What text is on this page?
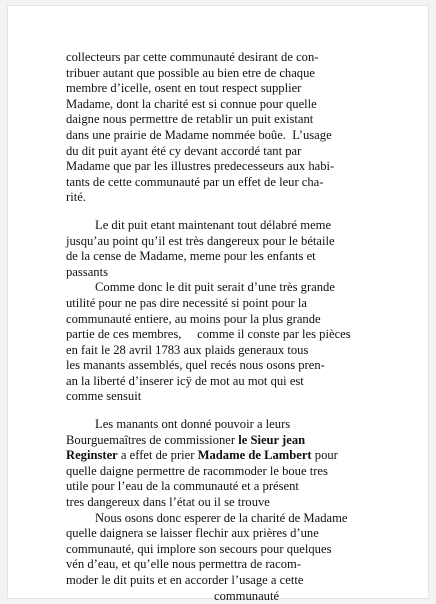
collecteurs par cette communauté desirant de con-
tribuer autant que possible au bien etre de chaque
membre d’icelle, osent en tout respect supplier
Madame, dont la charité est si connue pour quelle
daigne nous permettre de retablir un puit existant
dans une prairie de Madame nommée boûe.  L’usage
du dit puit ayant été cy devant accordé tant par
Madame que par les illustres predecesseurs aux habi-
tants de cette communauté par un effet de leur cha-
rité.
Le dit puit etant maintenant tout délabré meme
jusqu’au point qu’il est très dangereux pour le bétaile
de la cense de Madame, meme pour les enfants et
passants
Comme donc le dit puit serait d’une très grande
utilité pour ne pas dire necessité si point pour la
communauté entiere, au moins pour la plus grande
partie de ces membres,     comme il conste par les pièces
en fait le 28 avril 1783 aux plaids generaux tous
les manants assemblés, quel recés nous osons pren-
an la liberté d’inserer icÿ de mot au mot qui est
comme sensuit
Les manants ont donné pouvoir a leurs
Bourguemaîtres de commissioner le Sieur jean
Reginster a effet de prier Madame de Lambert pour
quelle daigne permettre de racommoder le boue tres
utile pour l’eau de la communauté et a présent
tres dangereux dans l’état ou il se trouve
Nous osons donc esperer de la charité de Madame
quelle daignera se laisser flechir aux prières d’une
communauté, qui implore son secours pour quelques
vén d’eau, et qu’elle nous permettra de racom-
moder le dit puits et en accorder l’usage a cette
communauté
